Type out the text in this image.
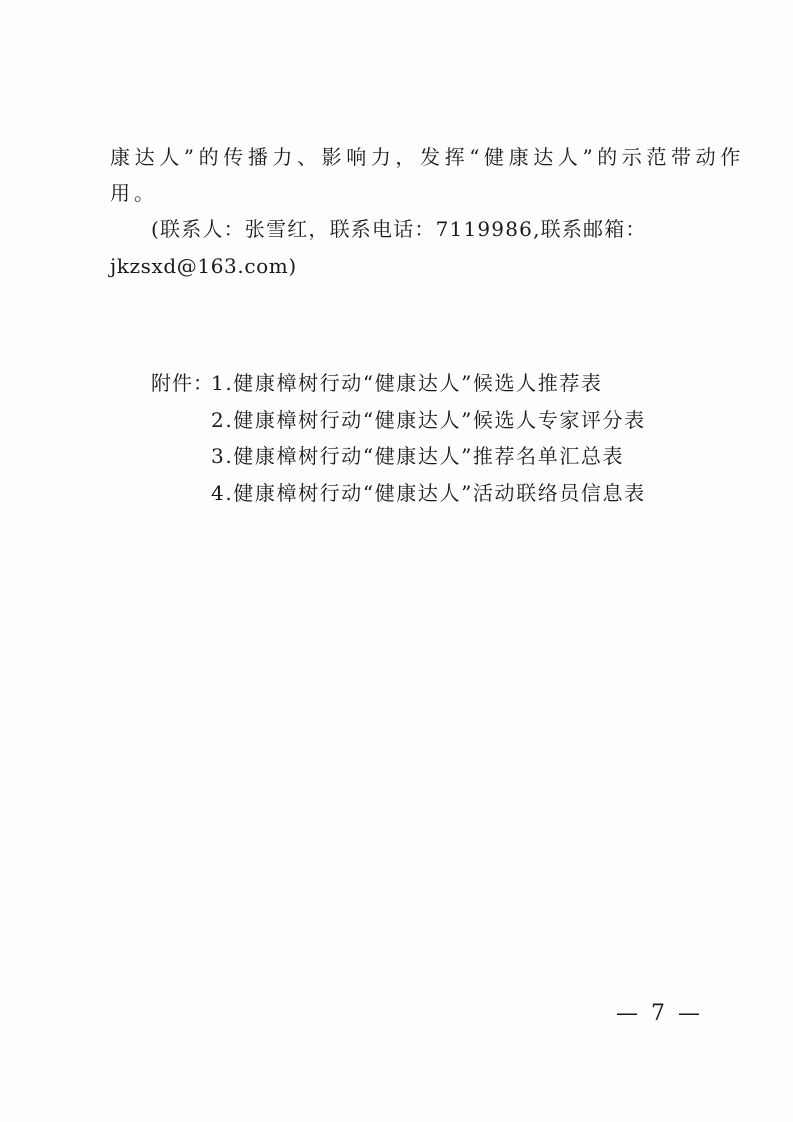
康达人”的传播力、影响力，发挥“健康达人”的示范带动作
用。
(联系人：张雪红，联系电话：7119986,联系邮箱：
jkzsxd@163.com)
附件：
1.健康樟树行动“健康达人”候选人推荐表
2.健康樟树行动“健康达人”候选人专家评分表
3.健康樟树行动“健康达人”推荐名单汇总表
4.健康樟树行动“健康达人”活动联络员信息表
— 7 —
